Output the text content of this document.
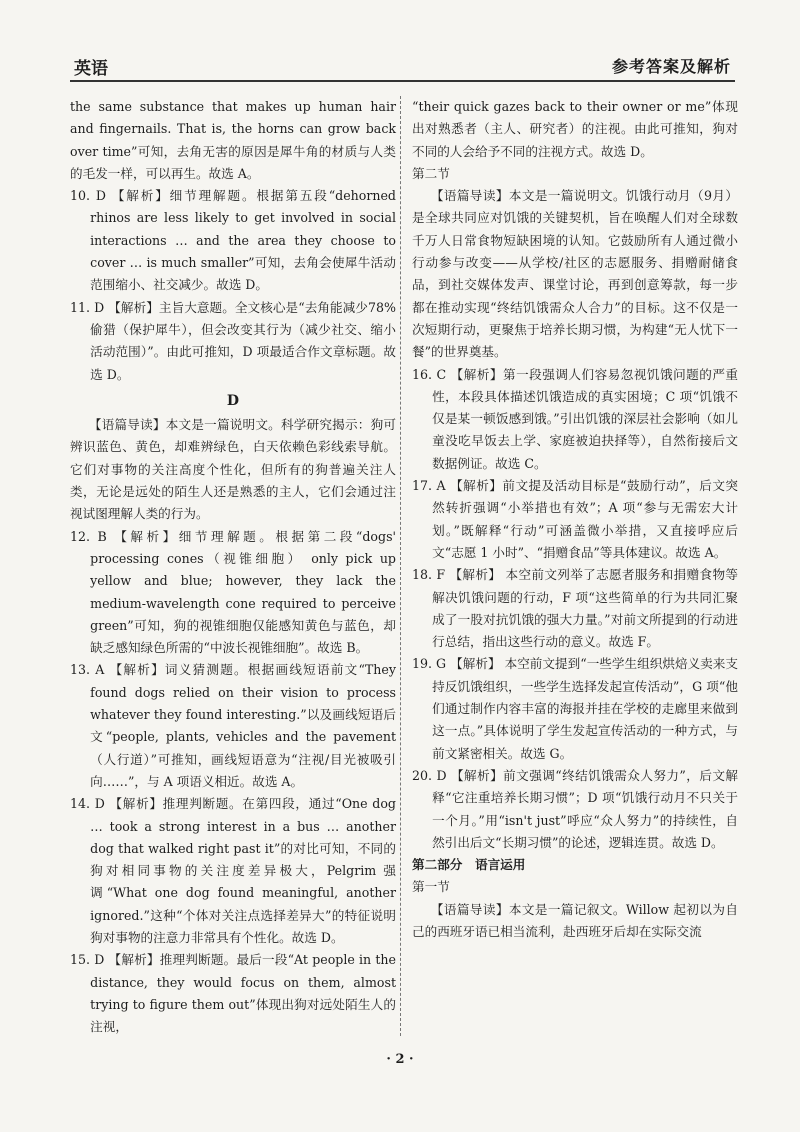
英语	参考答案及解析

the same substance that makes up human hair and fingernails. That is, the horns can grow back over time”可知，去角无害的原因是犀牛角的材质与人类的毛发一样，可以再生。故选 A。

10. D 【解析】细节理解题。根据第五段“dehorned rhinos are less likely to get involved in social interactions … and the area they choose to cover … is much smaller”可知，去角会使犀牛活动范围缩小、社交减少。故选 D。

11. D 【解析】主旨大意题。全文核心是“去角能减少78%偷猎（保护犀牛），但会改变其行为（减少社交、缩小活动范围）”。由此可推知，D 项最适合作文章标题。故选 D。

D

【语篇导读】本文是一篇说明文。科学研究揭示：狗可辨识蓝色、黄色，却难辨绿色，白天依赖色彩线索导航。它们对事物的关注高度个性化，但所有的狗普遍关注人类，无论是远处的陌生人还是熟悉的主人，它们会通过注视试图理解人类的行为。

12. B 【解析】细节理解题。根据第二段“dogs' processing cones（视锥细胞） only pick up yellow and blue; however, they lack the medium-wavelength cone required to perceive green”可知，狗的视锥细胞仅能感知黄色与蓝色，却缺乏感知绿色所需的“中波长视锥细胞”。故选 B。

13. A 【解析】词义猜测题。根据画线短语前文“They found dogs relied on their vision to process whatever they found interesting.”以及画线短语后文“people, plants, vehicles and the pavement（人行道）”可推知，画线短语意为“注视/目光被吸引向……”，与 A 项语义相近。故选 A。

14. D 【解析】推理判断题。在第四段，通过“One dog … took a strong interest in a bus … another dog that walked right past it”的对比可知，不同的狗对相同事物的关注度差异极大，Pelgrim 强调“What one dog found meaningful, another ignored.”这种“个体对关注点选择差异大”的特征说明狗对事物的注意力非常具有个性化。故选 D。

15. D 【解析】推理判断题。最后一段“At people in the distance, they would focus on them, almost trying to figure them out”体现出狗对远处陌生人的注视，

“their quick gazes back to their owner or me”体现出对熟悉者（主人、研究者）的注视。由此可推知，狗对不同的人会给予不同的注视方式。故选 D。

第二节

【语篇导读】本文是一篇说明文。饥饿行动月（9月）是全球共同应对饥饿的关键契机，旨在唤醒人们对全球数千万人日常食物短缺困境的认知。它鼓励所有人通过微小行动参与改变——从学校/社区的志愿服务、捐赠耐储食品，到社交媒体发声、课堂讨论，再到创意筹款，每一步都在推动实现“终结饥饿需众人合力”的目标。这不仅是一次短期行动，更聚焦于培养长期习惯，为构建“无人忧下一餐”的世界奠基。

16. C 【解析】第一段强调人们容易忽视饥饿问题的严重性，本段具体描述饥饿造成的真实困境；C 项“饥饿不仅是某一顿饭感到饿。”引出饥饿的深层社会影响（如儿童没吃早饭去上学、家庭被迫抉择等），自然衔接后文数据例证。故选 C。

17. A 【解析】前文提及活动目标是“鼓励行动”，后文突然转折强调“小举措也有效”；A 项“参与无需宏大计划。”既解释“行动”可涵盖微小举措，又直接呼应后文“志愿 1 小时”、“捐赠食品”等具体建议。故选 A。

18. F 【解析】 本空前文列举了志愿者服务和捐赠食物等解决饥饿问题的行动，F 项“这些简单的行为共同汇聚成了一股对抗饥饿的强大力量。”对前文所提到的行动进行总结，指出这些行动的意义。故选 F。

19. G 【解析】 本空前文提到“一些学生组织烘焙义卖来支持反饥饿组织，一些学生选择发起宣传活动”，G 项“他们通过制作内容丰富的海报并挂在学校的走廊里来做到这一点。”具体说明了学生发起宣传活动的一种方式，与前文紧密相关。故选 G。

20. D 【解析】前文强调“终结饥饿需众人努力”，后文解释“它注重培养长期习惯”；D 项“饥饿行动月不只关于一个月。”用“isn't just”呼应“众人努力”的持续性，自然引出后文“长期习惯”的论述，逻辑连贯。故选 D。

第二部分　语言运用

第一节

【语篇导读】本文是一篇记叙文。Willow 起初以为自己的西班牙语已相当流利，赴西班牙后却在实际交流

· 2 ·
